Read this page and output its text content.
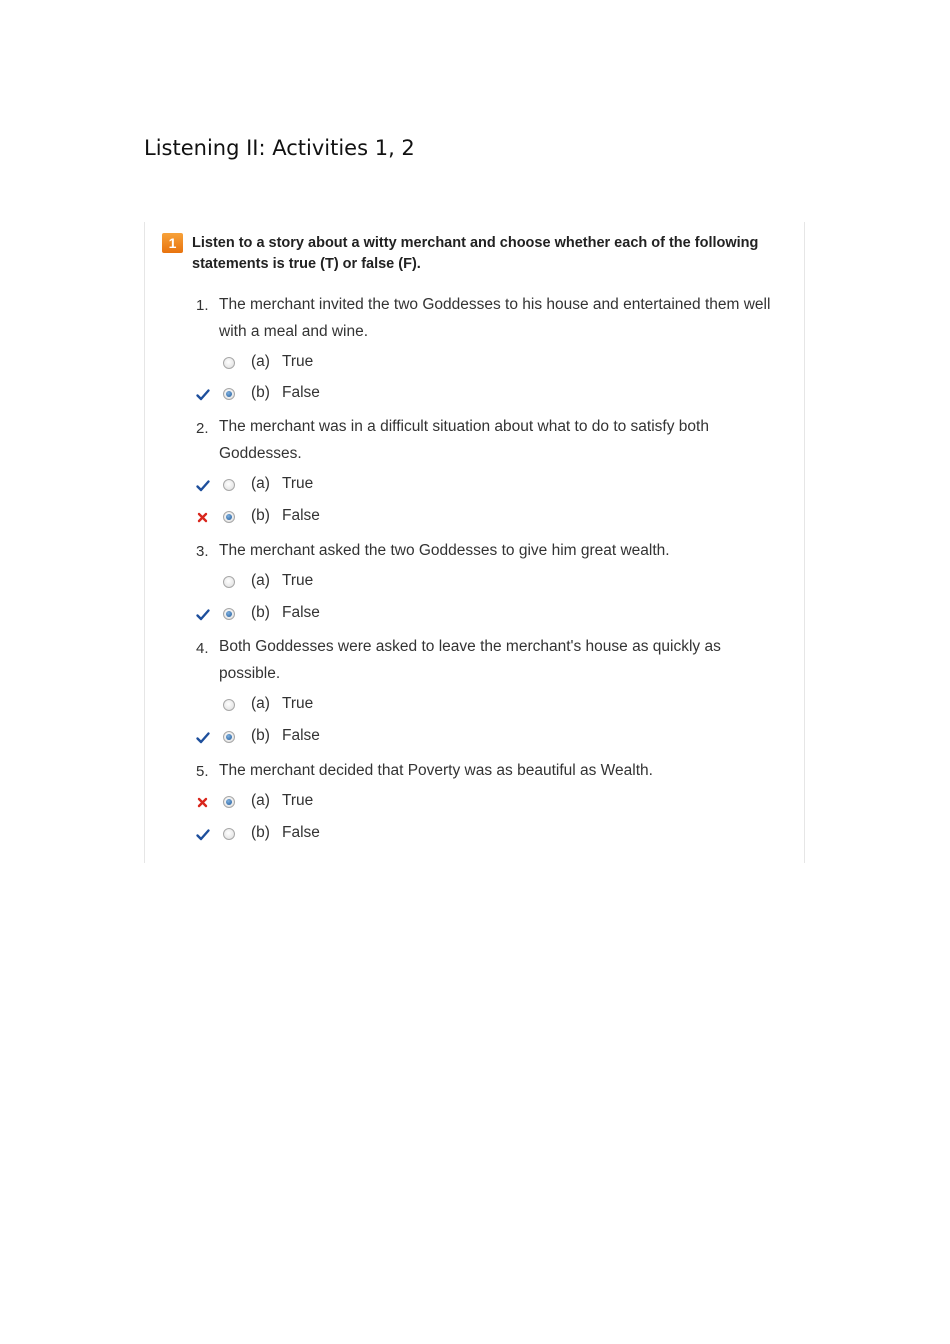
Listening II: Activities 1, 2
1	Listen to a story about a witty merchant and choose whether each of the following statements is true (T) or false (F).
1. The merchant invited the two Goddesses to his house and entertained them well with a meal and wine.
(a) True
(b) False
2. The merchant was in a difficult situation about what to do to satisfy both Goddesses.
(a) True
(b) False
3. The merchant asked the two Goddesses to give him great wealth.
(a) True
(b) False
4. Both Goddesses were asked to leave the merchant's house as quickly as possible.
(a) True
(b) False
5. The merchant decided that Poverty was as beautiful as Wealth.
(a) True
(b) False
